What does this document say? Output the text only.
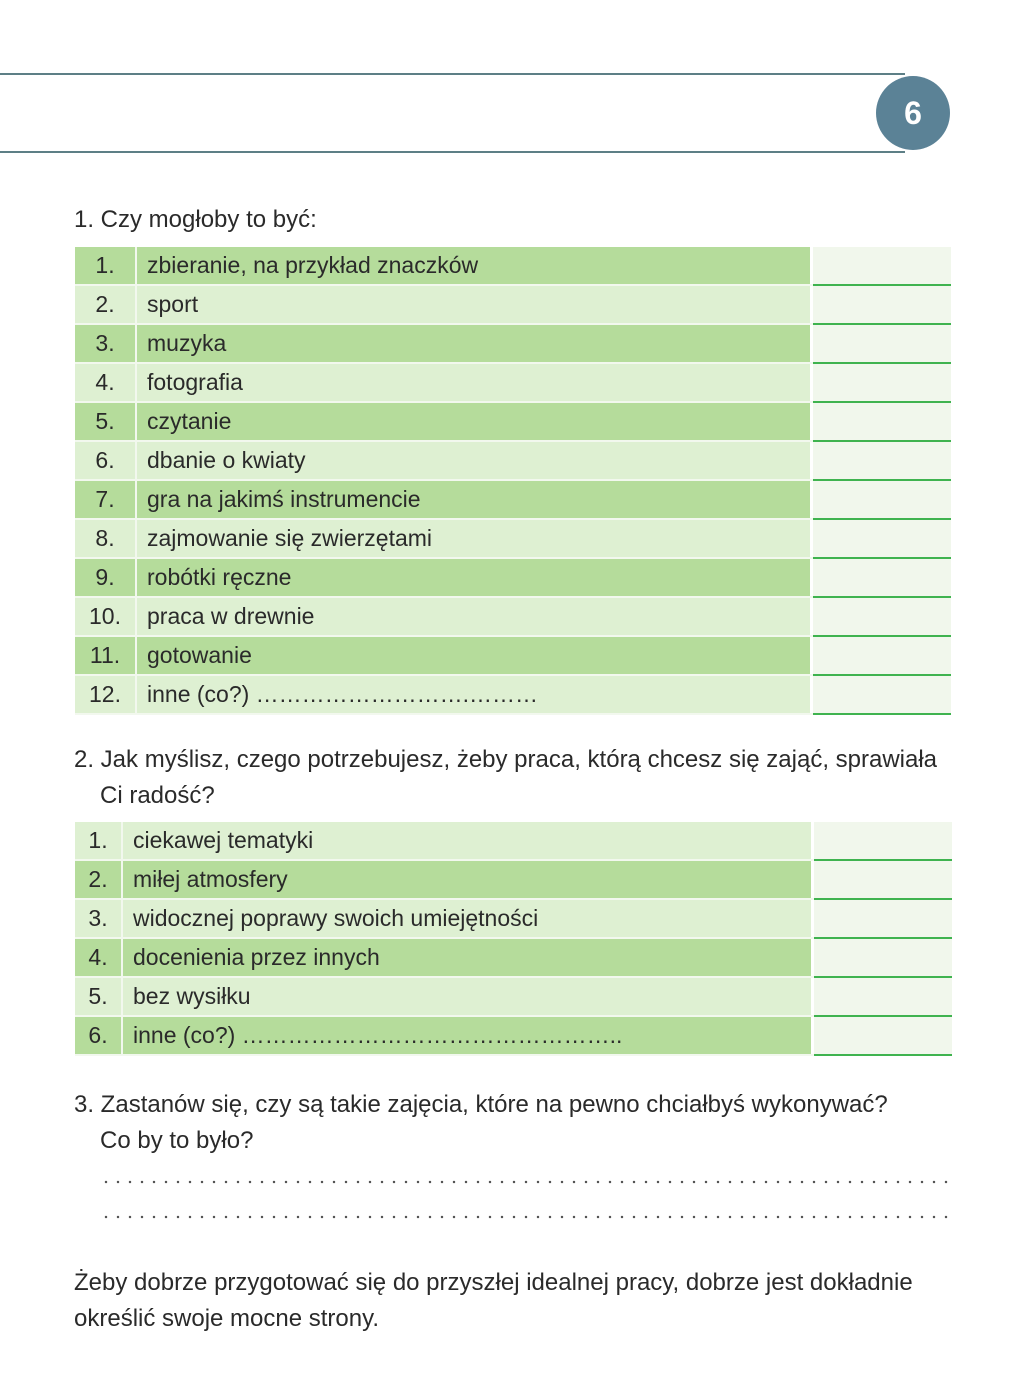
6
1. Czy mogłoby to być:
1.	zbieranie, na przykład znaczków		
2.	sport		
3.	muzyka		
4.	fotografia		
5.	czytanie		
6.	dbanie o kwiaty		
7.	gra na jakimś instrumencie		
8.	zajmowanie się zwierzętami		
9.	robótki ręczne		
10.	praca w drewnie		
11.	gotowanie		
12.	inne (co?) ……………………….………		
2. Jak myślisz, czego potrzebujesz, żeby praca, którą chcesz się zająć, sprawiała
Ci radość?
1.	ciekawej tematyki		
2.	miłej atmosfery		
3.	widocznej poprawy swoich umiejętności		
4.	docenienia przez innych		
5.	bez wysiłku		
6.	inne (co?) …………………………………………..		
3. Zastanów się, czy są takie zajęcia, które na pewno chciałbyś wykonywać?
Co by to było?
Żeby dobrze przygotować się do przyszłej idealnej pracy, dobrze jest dokładnie
określić swoje mocne strony.
